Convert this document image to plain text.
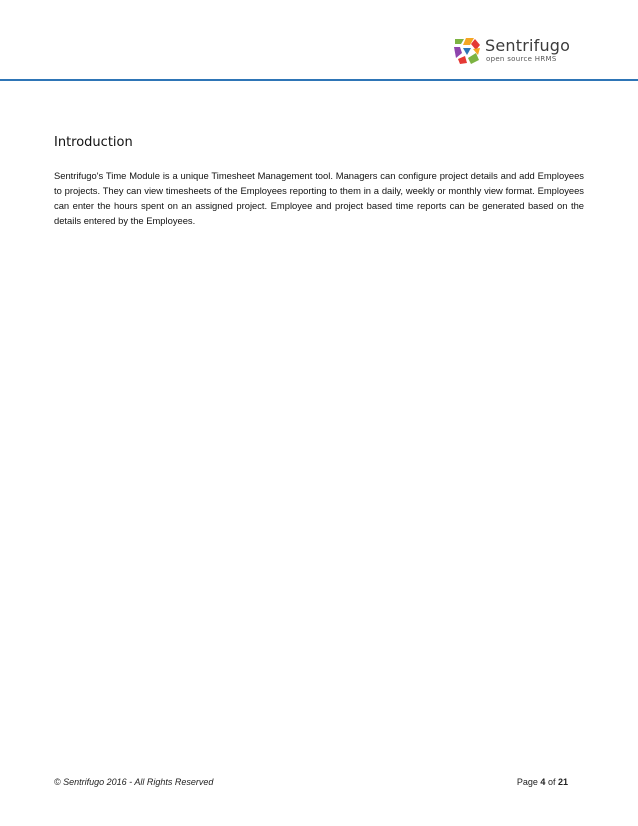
Sentrifugo
open source HRMS
Introduction

Sentrifugo's Time Module is a unique Timesheet Management tool. Managers can configure project details and add Employees to projects. They can view timesheets of the Employees reporting to them in a daily, weekly or monthly view format. Employees can enter the hours spent on an assigned project. Employee and project based time reports can be generated based on the details entered by the Employees.

© Sentrifugo 2016 - All Rights Reserved	Page 4 of 21
